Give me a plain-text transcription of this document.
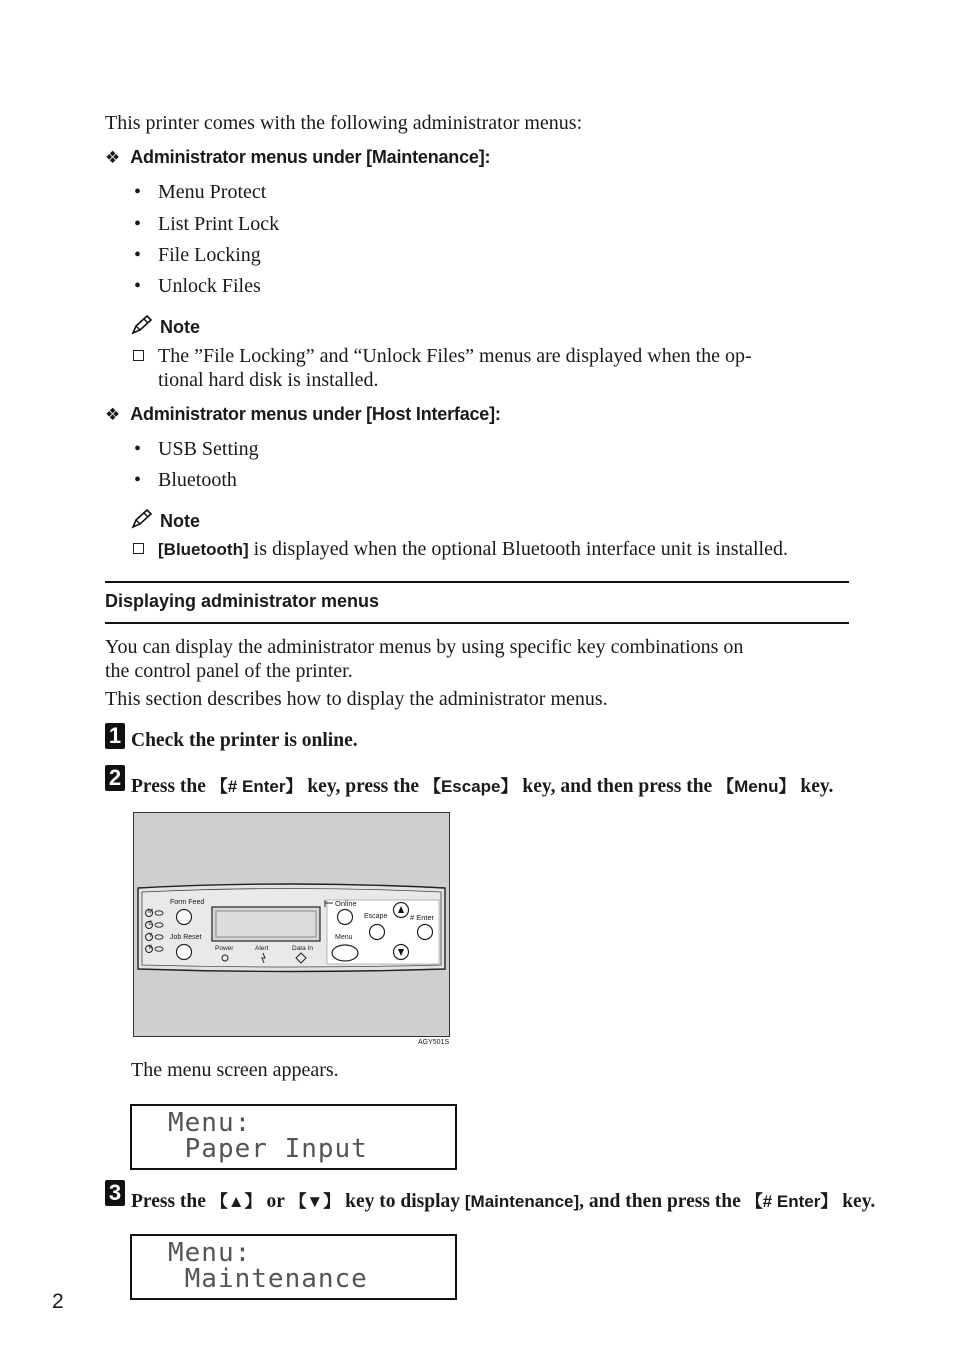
This printer comes with the following administrator menus:
❖ Administrator menus under [Maintenance]:
• Menu Protect
• List Print Lock
• File Locking
• Unlock Files
Note
The ”File Locking” and “Unlock Files” menus are displayed when the op-
tional hard disk is installed.
❖ Administrator menus under [Host Interface]:
• USB Setting
• Bluetooth
Note
[Bluetooth] is displayed when the optional Bluetooth interface unit is installed.
Displaying administrator menus
You can display the administrator menus by using specific key combinations on
the control panel of the printer.
This section describes how to display the administrator menus.
1 Check the printer is online.
2 Press the 【# Enter】 key, press the 【Escape】 key, and then press the 【Menu】 key.
Form Feed
Job Reset
Online
Escape	# Enter
Menu
Power	Alert	Data In
M
C
Y
K
AGY501S
The menu screen appears.
Menu:
Paper Input
3 Press the 【▲】 or 【▼】 key to display [Maintenance], and then press the 【# Enter】 key.
Menu:
Maintenance
2
